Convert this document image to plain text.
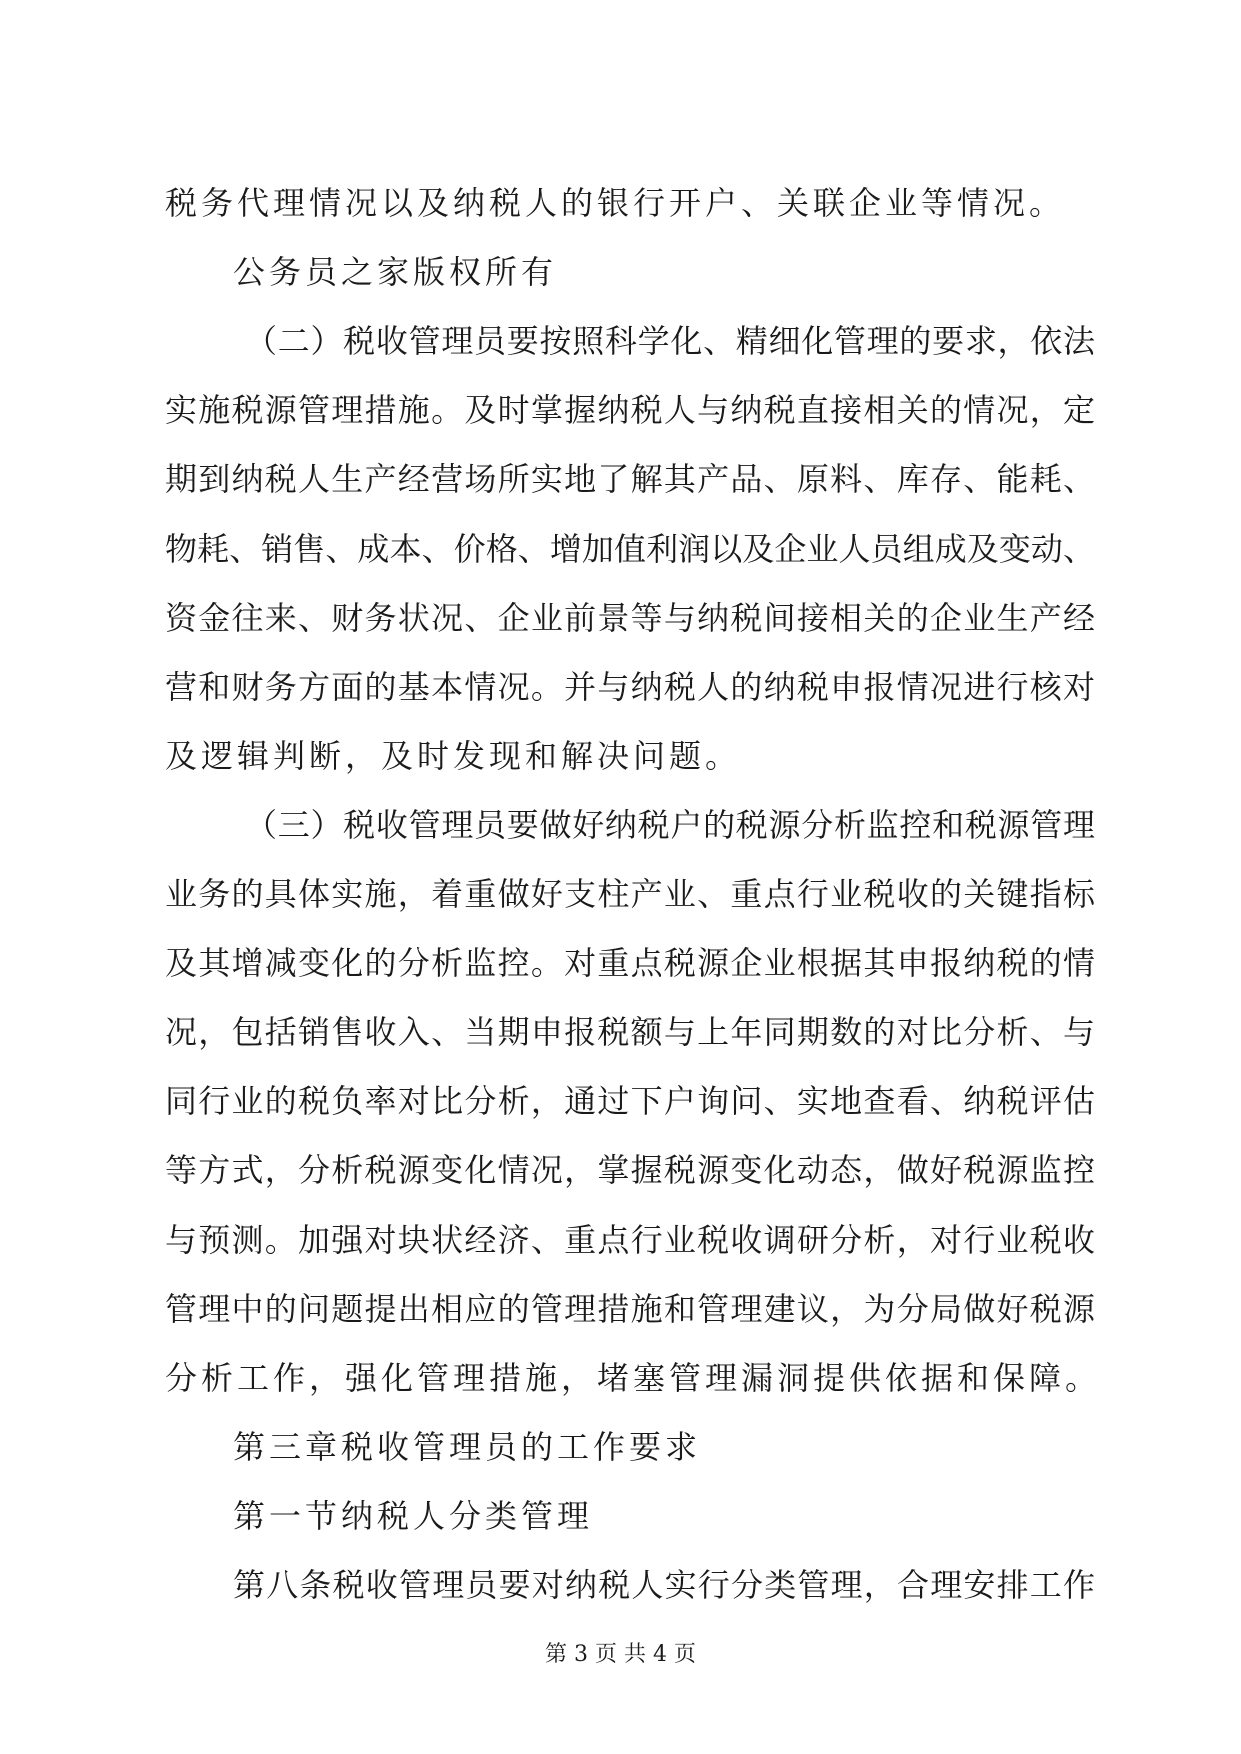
税务代理情况以及纳税人的银行开户、关联企业等情况。
公务员之家版权所有
（二）税收管理员要按照科学化、精细化管理的要求，依法
实施税源管理措施。及时掌握纳税人与纳税直接相关的情况，定
期到纳税人生产经营场所实地了解其产品、原料、库存、能耗、
物耗、销售、成本、价格、增加值利润以及企业人员组成及变动、
资金往来、财务状况、企业前景等与纳税间接相关的企业生产经
营和财务方面的基本情况。并与纳税人的纳税申报情况进行核对
及逻辑判断，及时发现和解决问题。
（三）税收管理员要做好纳税户的税源分析监控和税源管理
业务的具体实施，着重做好支柱产业、重点行业税收的关键指标
及其增减变化的分析监控。对重点税源企业根据其申报纳税的情
况，包括销售收入、当期申报税额与上年同期数的对比分析、与
同行业的税负率对比分析，通过下户询问、实地查看、纳税评估
等方式，分析税源变化情况，掌握税源变化动态，做好税源监控
与预测。加强对块状经济、重点行业税收调研分析，对行业税收
管理中的问题提出相应的管理措施和管理建议，为分局做好税源
分析工作，强化管理措施，堵塞管理漏洞提供依据和保障。
第三章税收管理员的工作要求
第一节纳税人分类管理
第八条税收管理员要对纳税人实行分类管理，合理安排工作
第 3 页 共 4 页
